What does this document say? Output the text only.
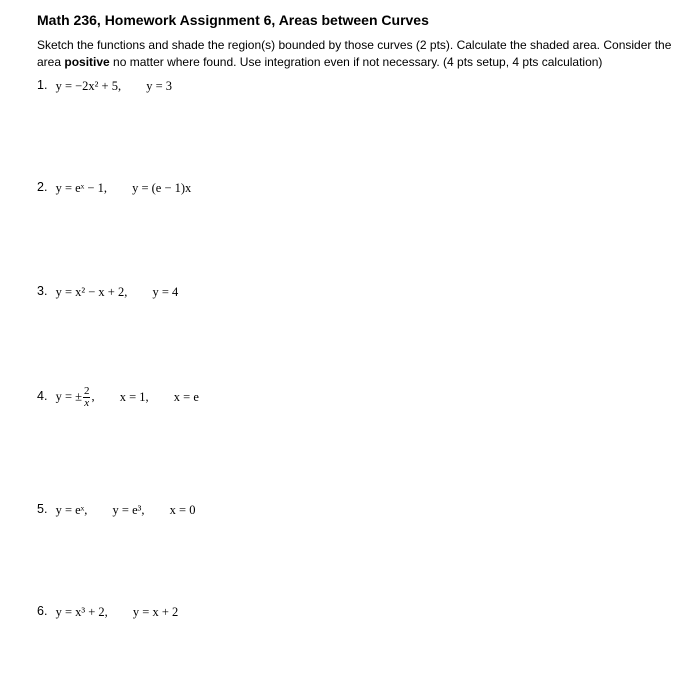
Math 236, Homework Assignment 6, Areas between Curves
Sketch the functions and shade the region(s) bounded by those curves (2 pts). Calculate the shaded area. Consider the area positive no matter where found. Use integration even if not necessary. (4 pts setup, 4 pts calculation)
1. y = −2x² + 5, y = 3
2. y = eˣ − 1, y = (e − 1)x
3. y = x² − x + 2, y = 4
4. y = ± $\frac{2}{x}$ , x = 1, x = e
5. y = eˣ, y = e³, x = 0
6. y = x³ + 2, y = x + 2
